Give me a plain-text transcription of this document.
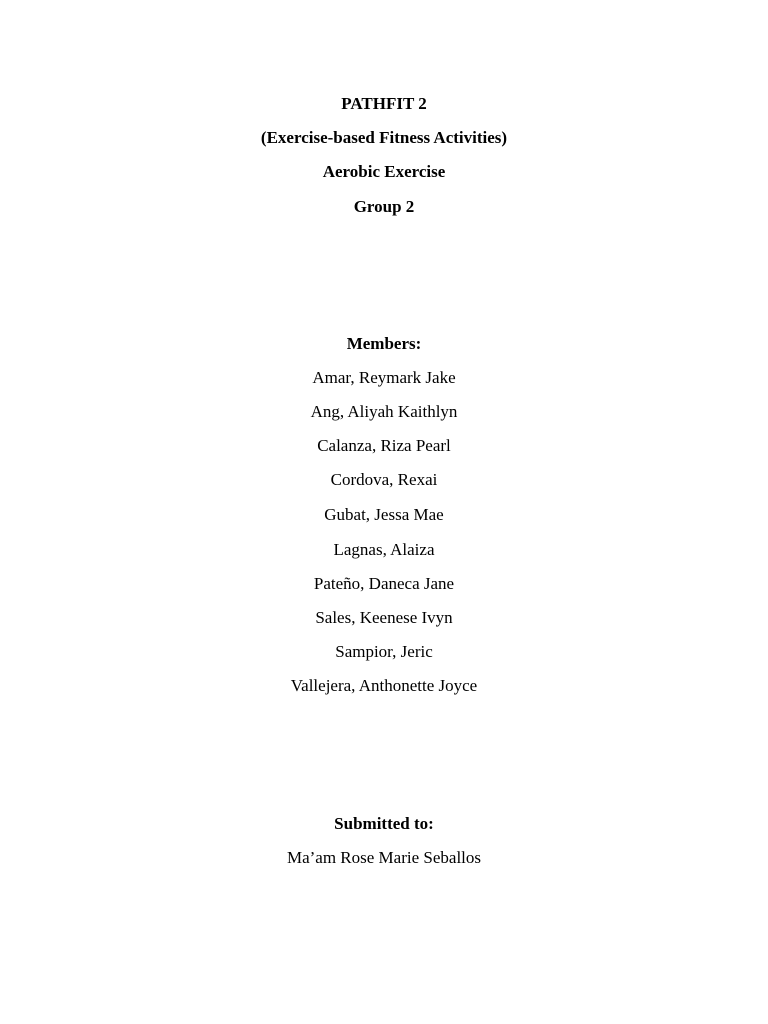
PATHFIT 2
(Exercise-based Fitness Activities)
Aerobic Exercise
Group 2
Members:
Amar, Reymark Jake
Ang, Aliyah Kaithlyn
Calanza, Riza Pearl
Cordova, Rexai
Gubat, Jessa Mae
Lagnas, Alaiza
Pateño, Daneca Jane
Sales, Keenese Ivyn
Sampior, Jeric
Vallejera, Anthonette Joyce
Submitted to:
Ma’am Rose Marie Seballos
